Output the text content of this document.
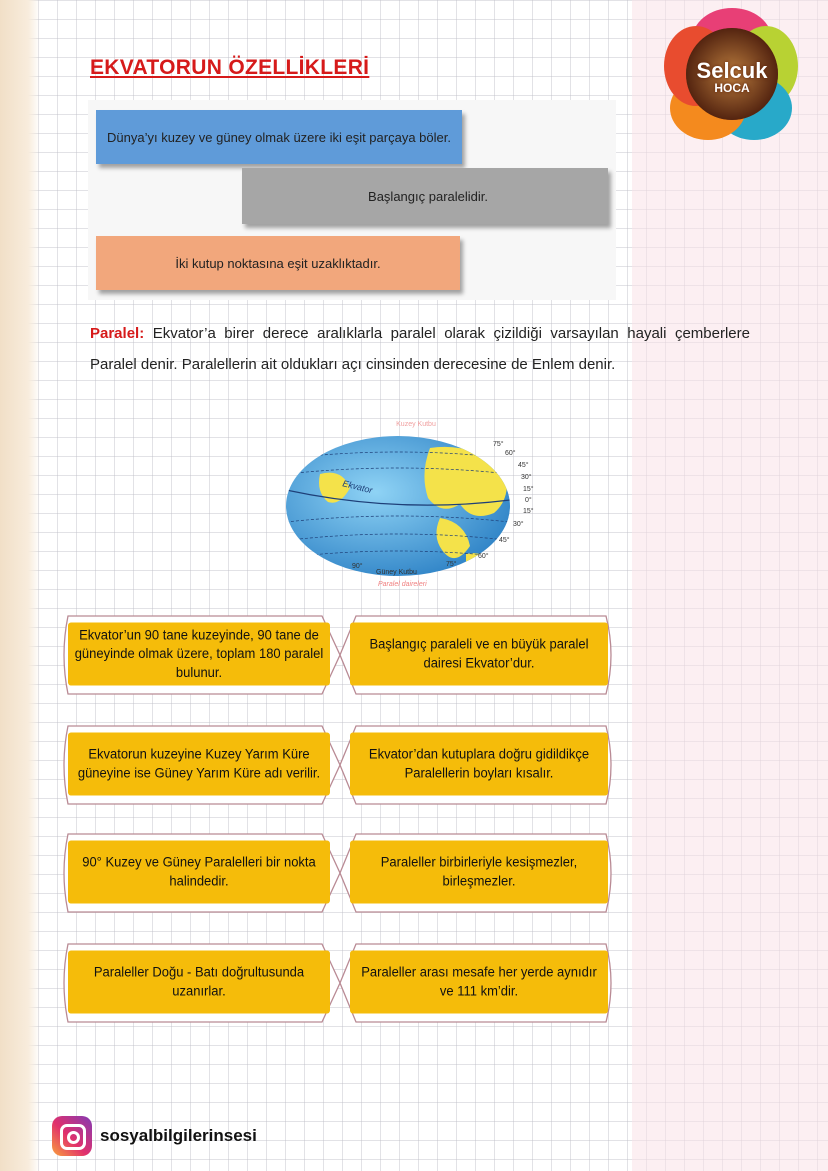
EKVATORUN ÖZELLİKLERİ	Selcuk
HOCA
Dünya’yı kuzey ve güney olmak üzere iki eşit parçaya böler.
Başlangıç paralelidir.
İki kutup noktasına eşit uzaklıktadır.

Paralel: Ekvator’a birer derece aralıklarla paralel olarak çizildiği varsayılan hayali çemberlere Paralel denir. Paralellerin ait oldukları açı cinsinden derecesine de Enlem denir.

Kuzey Kutbu
Ekvator
75°
60°
45°
30°
15°
0°
15°
30°
45°
60°
75°
90°
Güney Kutbu
Paralel daireleri
Ekvator’un 90 tane kuzeyinde, 90 tane de güneyinde olmak üzere, toplam 180 paralel bulunur.
Başlangıç paraleli ve en büyük paralel dairesi Ekvator’dur.
Ekvatorun kuzeyine Kuzey Yarım Küre güneyine ise Güney Yarım Küre adı verilir.
Ekvator’dan kutuplara doğru gidildikçe Paralellerin boyları kısalır.
90° Kuzey ve Güney Paralelleri bir nokta halindedir.
Paraleller birbirleriyle kesişmezler, birleşmezler.
Paraleller Doğu - Batı doğrultusunda uzanırlar.
Paraleller arası mesafe her yerde aynıdır ve 111 km’dir.
sosyalbilgilerinsesi
